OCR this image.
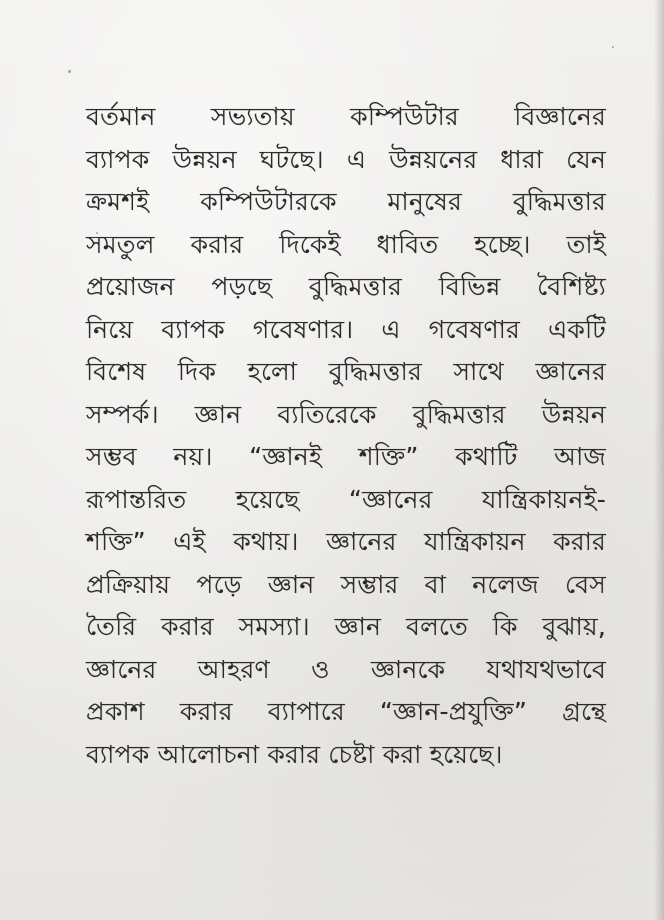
বর্তমান সভ্যতায় কম্পিউটার বিজ্ঞানের
ব্যাপক উন্নয়ন ঘটছে। এ উন্নয়নের ধারা যেন
ক্রমশই কম্পিউটারকে মানুষের বুদ্ধিমত্তার
সমতুল করার দিকেই ধাবিত হচ্ছে। তাই
প্রয়োজন পড়ছে বুদ্ধিমত্তার বিভিন্ন বৈশিষ্ট্য
নিয়ে ব্যাপক গবেষণার। এ গবেষণার একটি
বিশেষ দিক হলো বুদ্ধিমত্তার সাথে জ্ঞানের
সম্পর্ক। জ্ঞান ব্যতিরেকে বুদ্ধিমত্তার উন্নয়ন
সম্ভব নয়। “জ্ঞানই শক্তি” কথাটি আজ
রূপান্তরিত হয়েছে “জ্ঞানের যান্ত্রিকায়নই-
শক্তি” এই কথায়। জ্ঞানের যান্ত্রিকায়ন করার
প্রক্রিয়ায় পড়ে জ্ঞান সম্ভার বা নলেজ বেস
তৈরি করার সমস্যা। জ্ঞান বলতে কি বুঝায়,
জ্ঞানের আহরণ ও জ্ঞানকে যথাযথভাবে
প্রকাশ করার ব্যাপারে “জ্ঞান-প্রযুক্তি” গ্রন্থে
ব্যাপক আলোচনা করার চেষ্টা করা হয়েছে।
